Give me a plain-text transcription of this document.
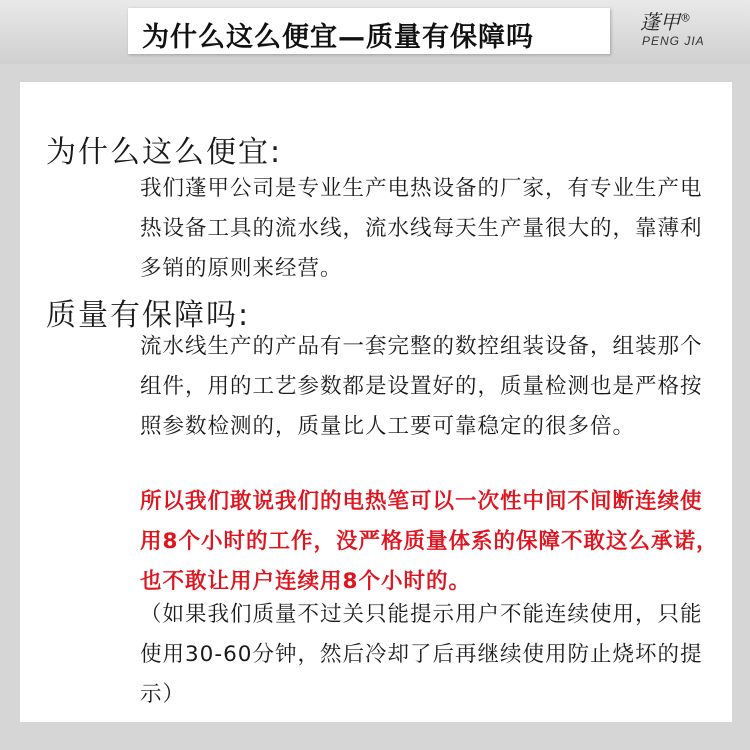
为什么这么便宜—质量有保障吗	蓬甲®
PENG JIA
为什么这么便宜:
我们蓬甲公司是专业生产电热设备的厂家，有专业生产电热设备工具的流水线，流水线每天生产量很大的，靠薄利多销的原则来经营。
质量有保障吗:
流水线生产的产品有一套完整的数控组装设备，组装那个组件，用的工艺参数都是设置好的，质量检测也是严格按照参数检测的，质量比人工要可靠稳定的很多倍。
所以我们敢说我们的电热笔可以一次性中间不间断连续使用8个小时的工作，没严格质量体系的保障不敢这么承诺，也不敢让用户连续用8个小时的。
（如果我们质量不过关只能提示用户不能连续使用，只能使用30-60分钟，然后冷却了后再继续使用防止烧坏的提示）
